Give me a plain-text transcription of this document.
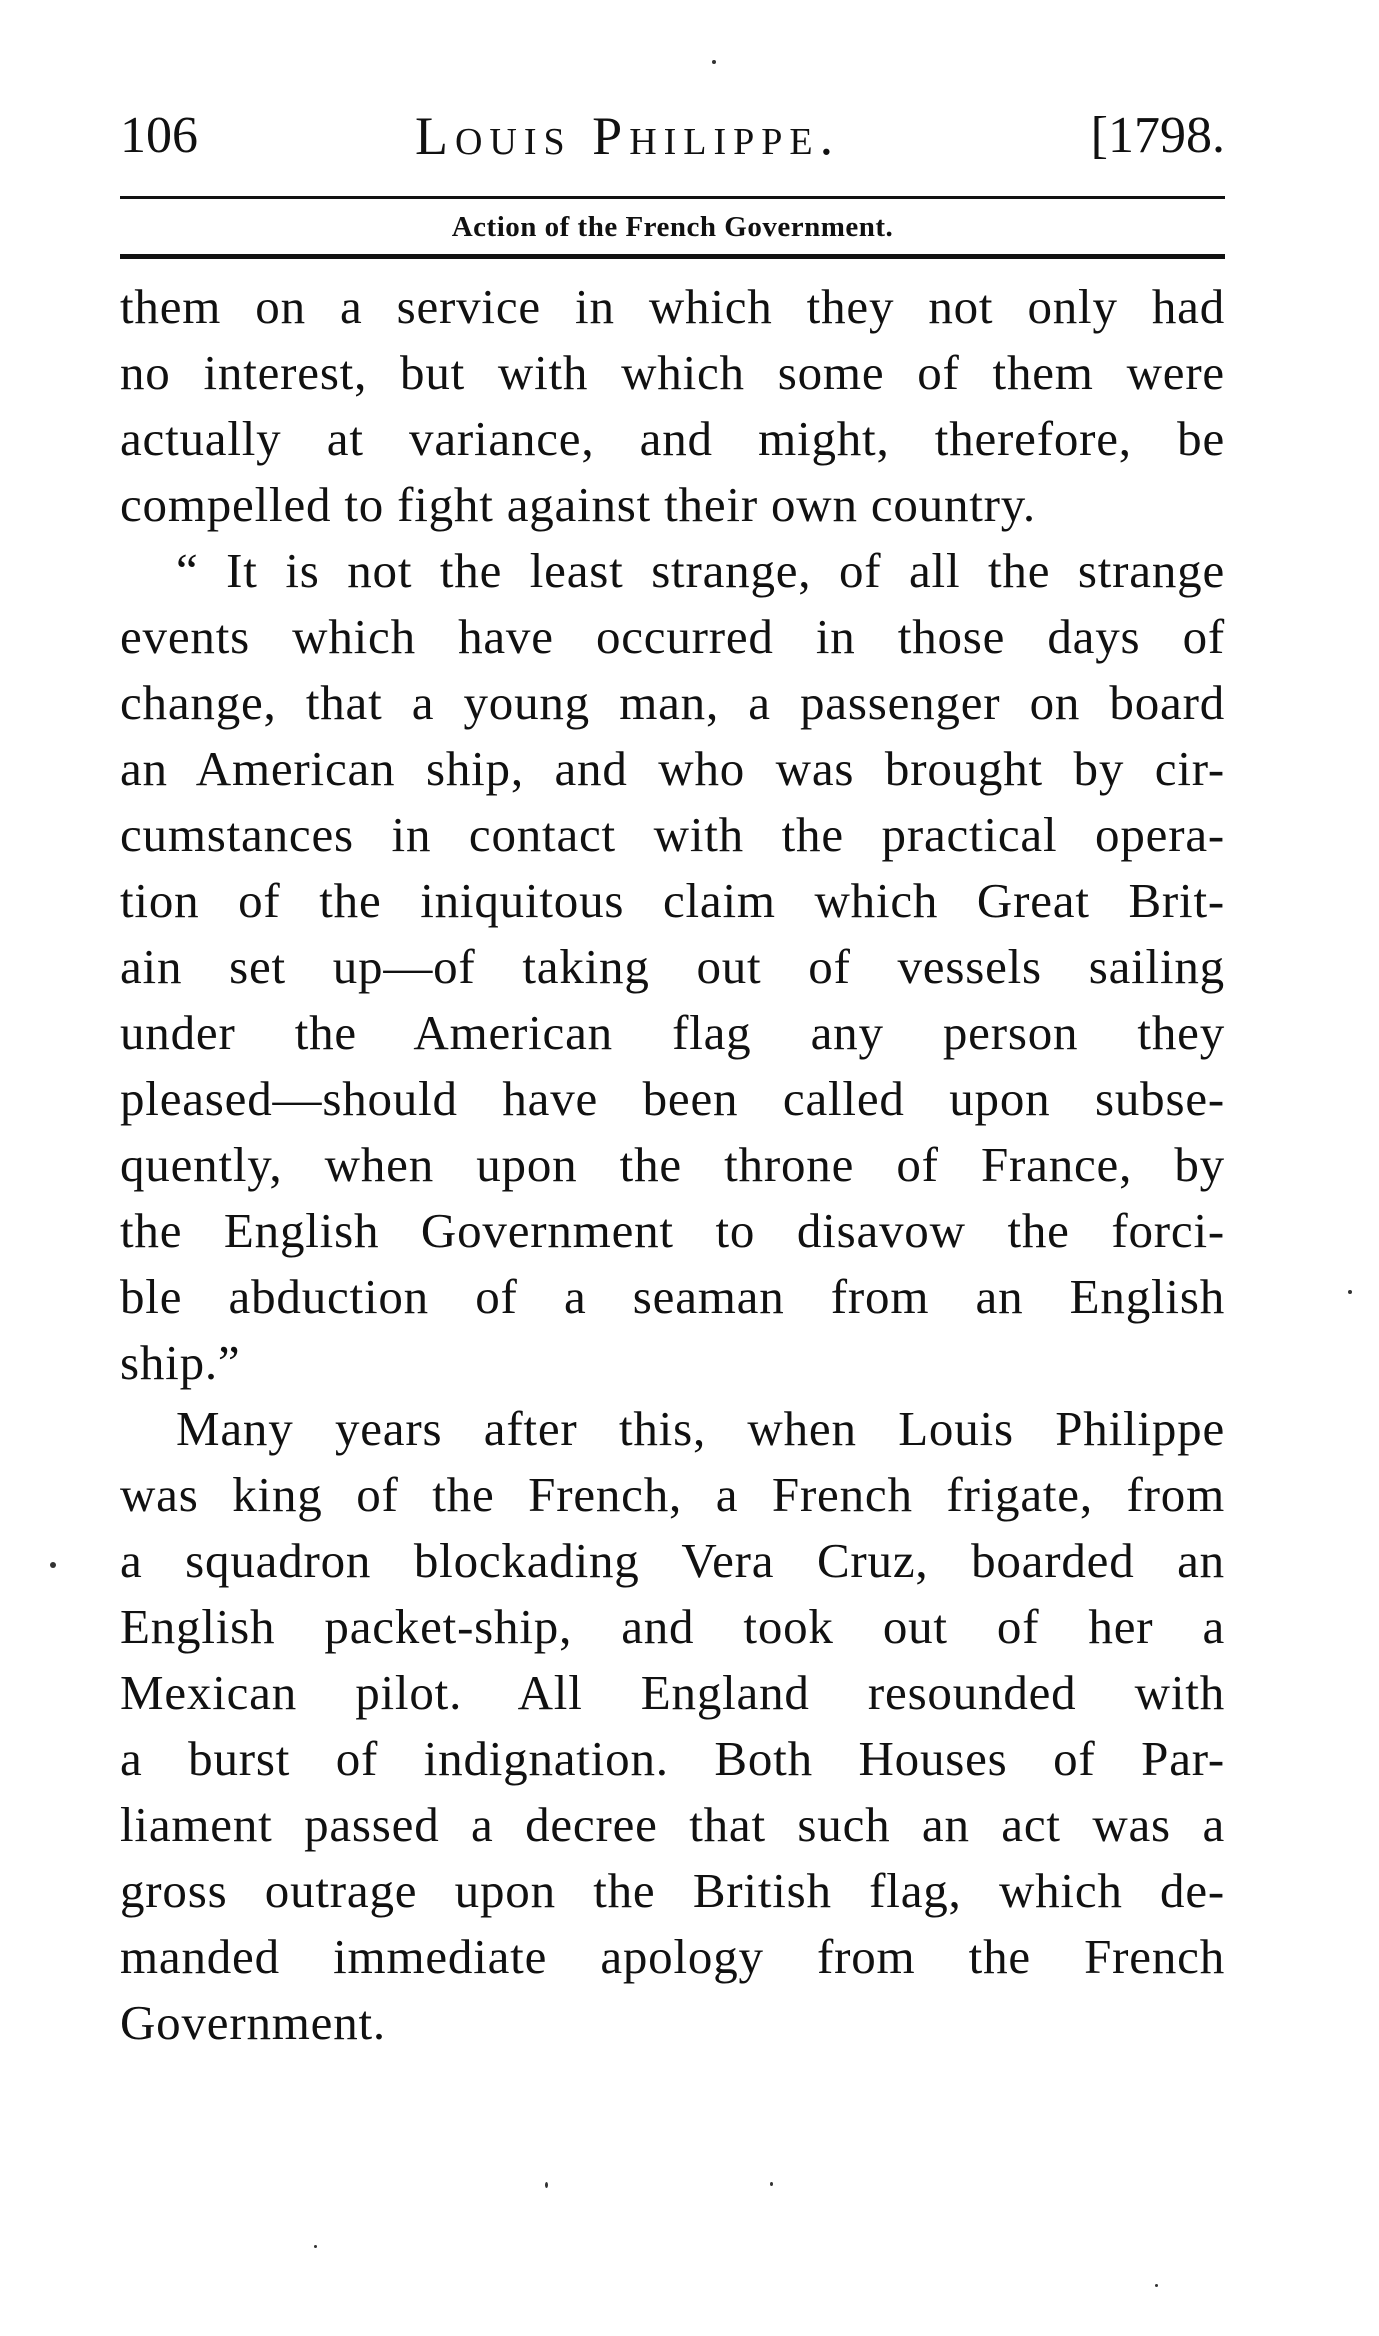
106	Louis Philippe.	[1798.
Action of the French Government.
them on a service in which they not only had
no interest, but with which some of them were
actually at variance, and might, therefore, be
compelled to fight against their own country.
“ It is not the least strange, of all the strange
events which have occurred in those days of
change, that a young man, a passenger on board
an American ship, and who was brought by cir-
cumstances in contact with the practical opera-
tion of the iniquitous claim which Great Brit-
ain set up—of taking out of vessels sailing
under the American flag any person they
pleased—should have been called upon subse-
quently, when upon the throne of France, by
the English Government to disavow the forci-
ble abduction of a seaman from an English
ship.”
Many years after this, when Louis Philippe
was king of the French, a French frigate, from
a squadron blockading Vera Cruz, boarded an
English packet-ship, and took out of her a
Mexican pilot. All England resounded with
a burst of indignation. Both Houses of Par-
liament passed a decree that such an act was a
gross outrage upon the British flag, which de-
manded immediate apology from the French
Government.
